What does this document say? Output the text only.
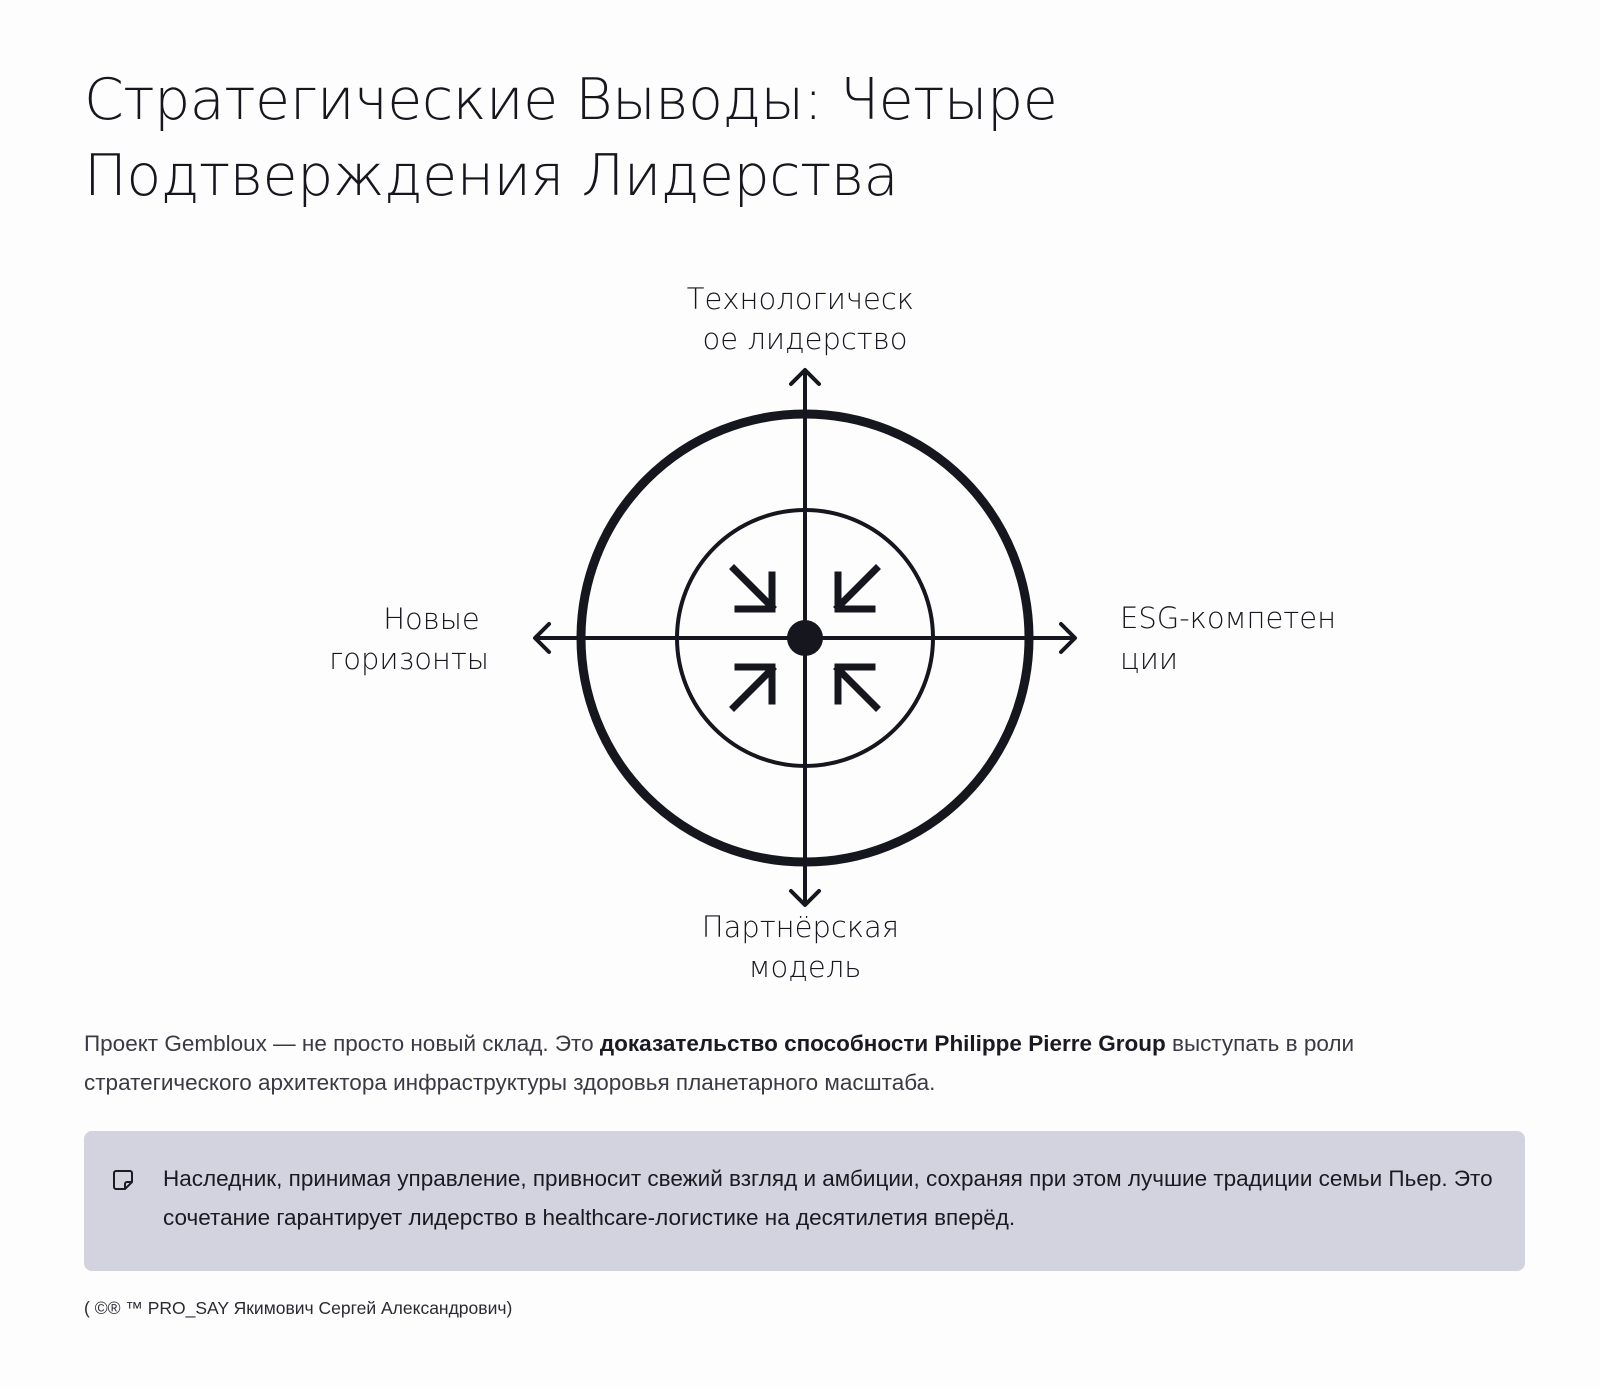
Стратегические Выводы: Четыре Подтверждения Лидерства
Технологическ ое лидерство
Новые горизонты
ESG-компетен ции
Партнёрская модель

Проект Gembloux — не просто новый склад. Это доказательство способности Philippe Pierre Group выступать в роли стратегического архитектора инфраструктуры здоровья планетарного масштаба.

Наследник, принимая управление, привносит свежий взгляд и амбиции, сохраняя при этом лучшие традиции семьи Пьер. Это сочетание гарантирует лидерство в healthcare-логистике на десятилетия вперёд.

( ©® ™ PRO_SAY Якимович Сергей Александрович)
